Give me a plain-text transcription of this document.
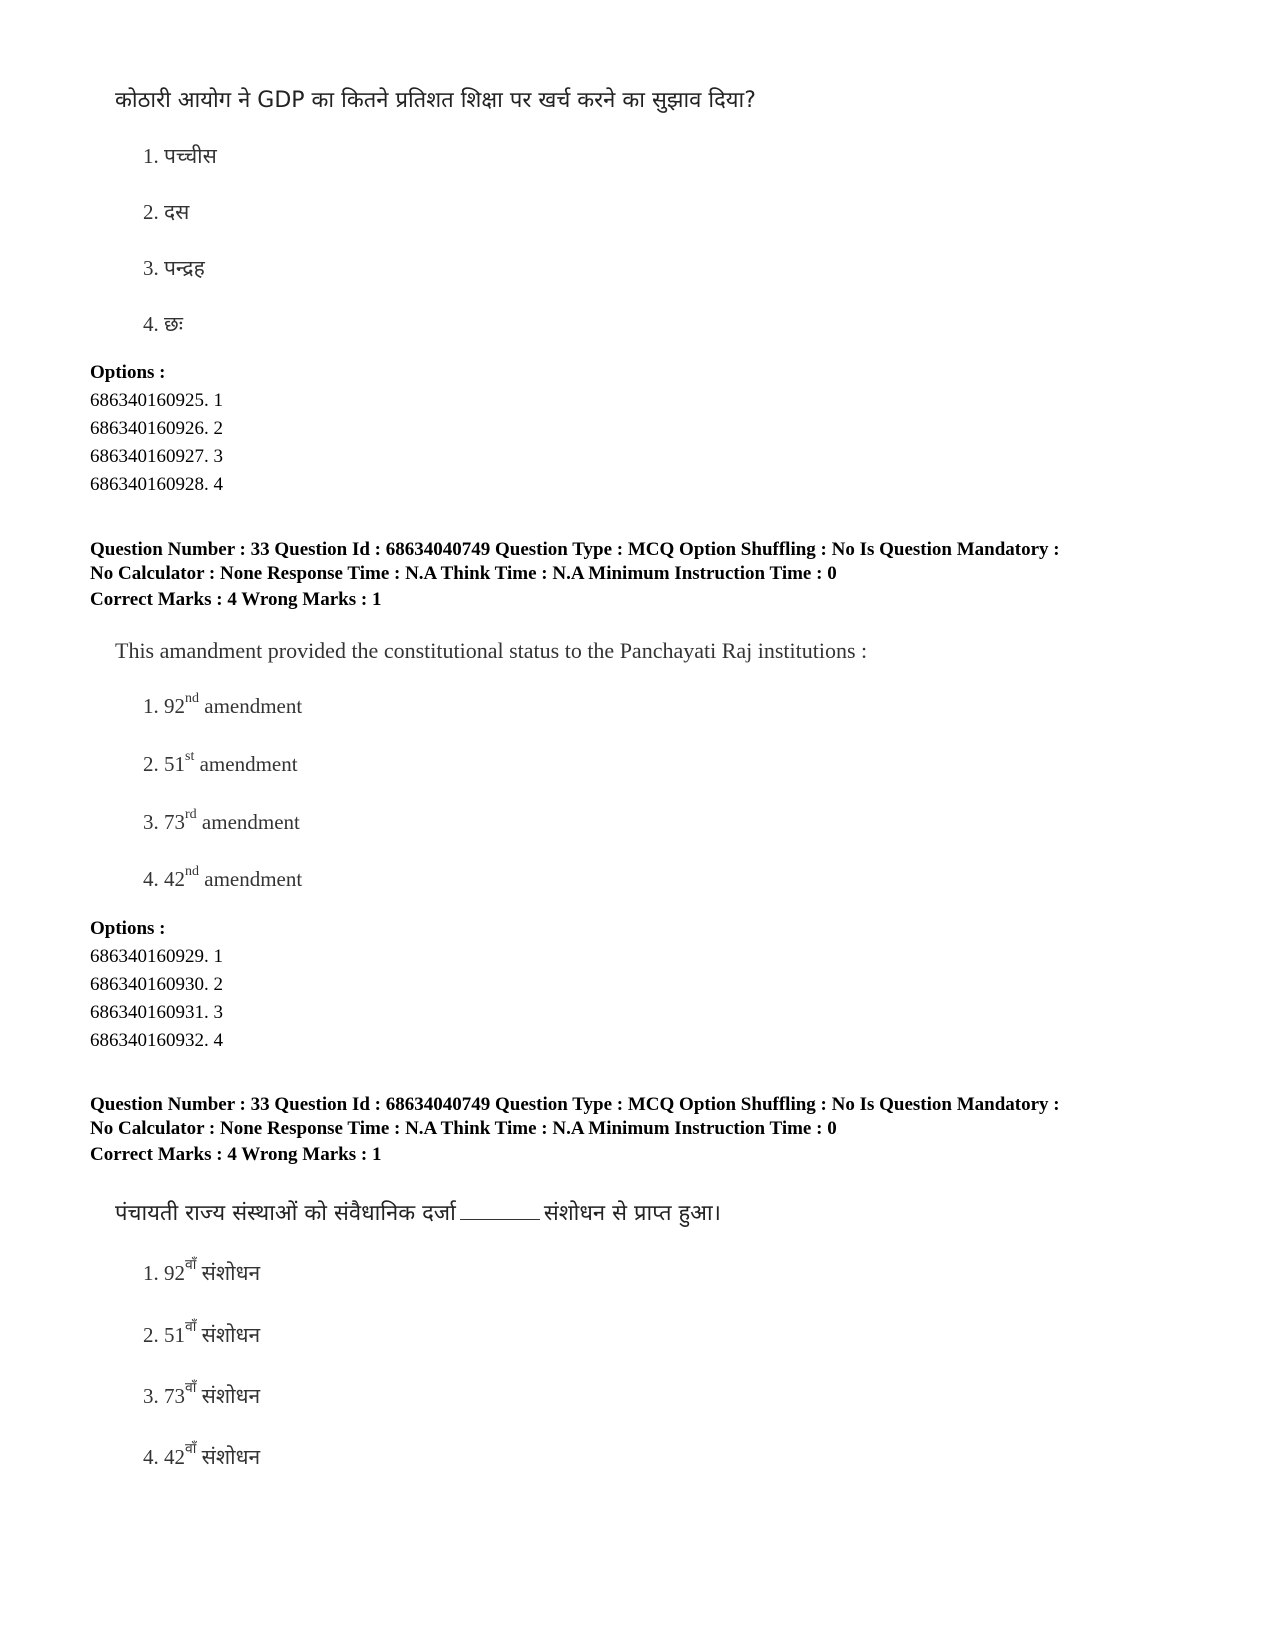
कोठारी आयोग ने GDP का कितने प्रतिशत शिक्षा पर खर्च करने का सुझाव दिया?
1. पच्चीस
2. दस
3. पन्द्रह
4. छः
Options :
686340160925. 1
686340160926. 2
686340160927. 3
686340160928. 4
Question Number : 33 Question Id : 68634040749 Question Type : MCQ Option Shuffling : No Is Question Mandatory :
No Calculator : None Response Time : N.A Think Time : N.A Minimum Instruction Time : 0
Correct Marks : 4 Wrong Marks : 1
This amandment provided the constitutional status to the Panchayati Raj institutions :
1. 92nd amendment
2. 51st amendment
3. 73rd amendment
4. 42nd amendment
Options :
686340160929. 1
686340160930. 2
686340160931. 3
686340160932. 4
Question Number : 33 Question Id : 68634040749 Question Type : MCQ Option Shuffling : No Is Question Mandatory :
No Calculator : None Response Time : N.A Think Time : N.A Minimum Instruction Time : 0
Correct Marks : 4 Wrong Marks : 1
पंचायती राज्य संस्थाओं को संवैधानिक दर्जा	संशोधन से प्राप्त हुआ।
1. $92^{वाँ}$ संशोधन
2. $51^{वाँ}$ संशोधन
3. $73^{वाँ}$ संशोधन
4. $42^{वाँ}$ संशोधन
